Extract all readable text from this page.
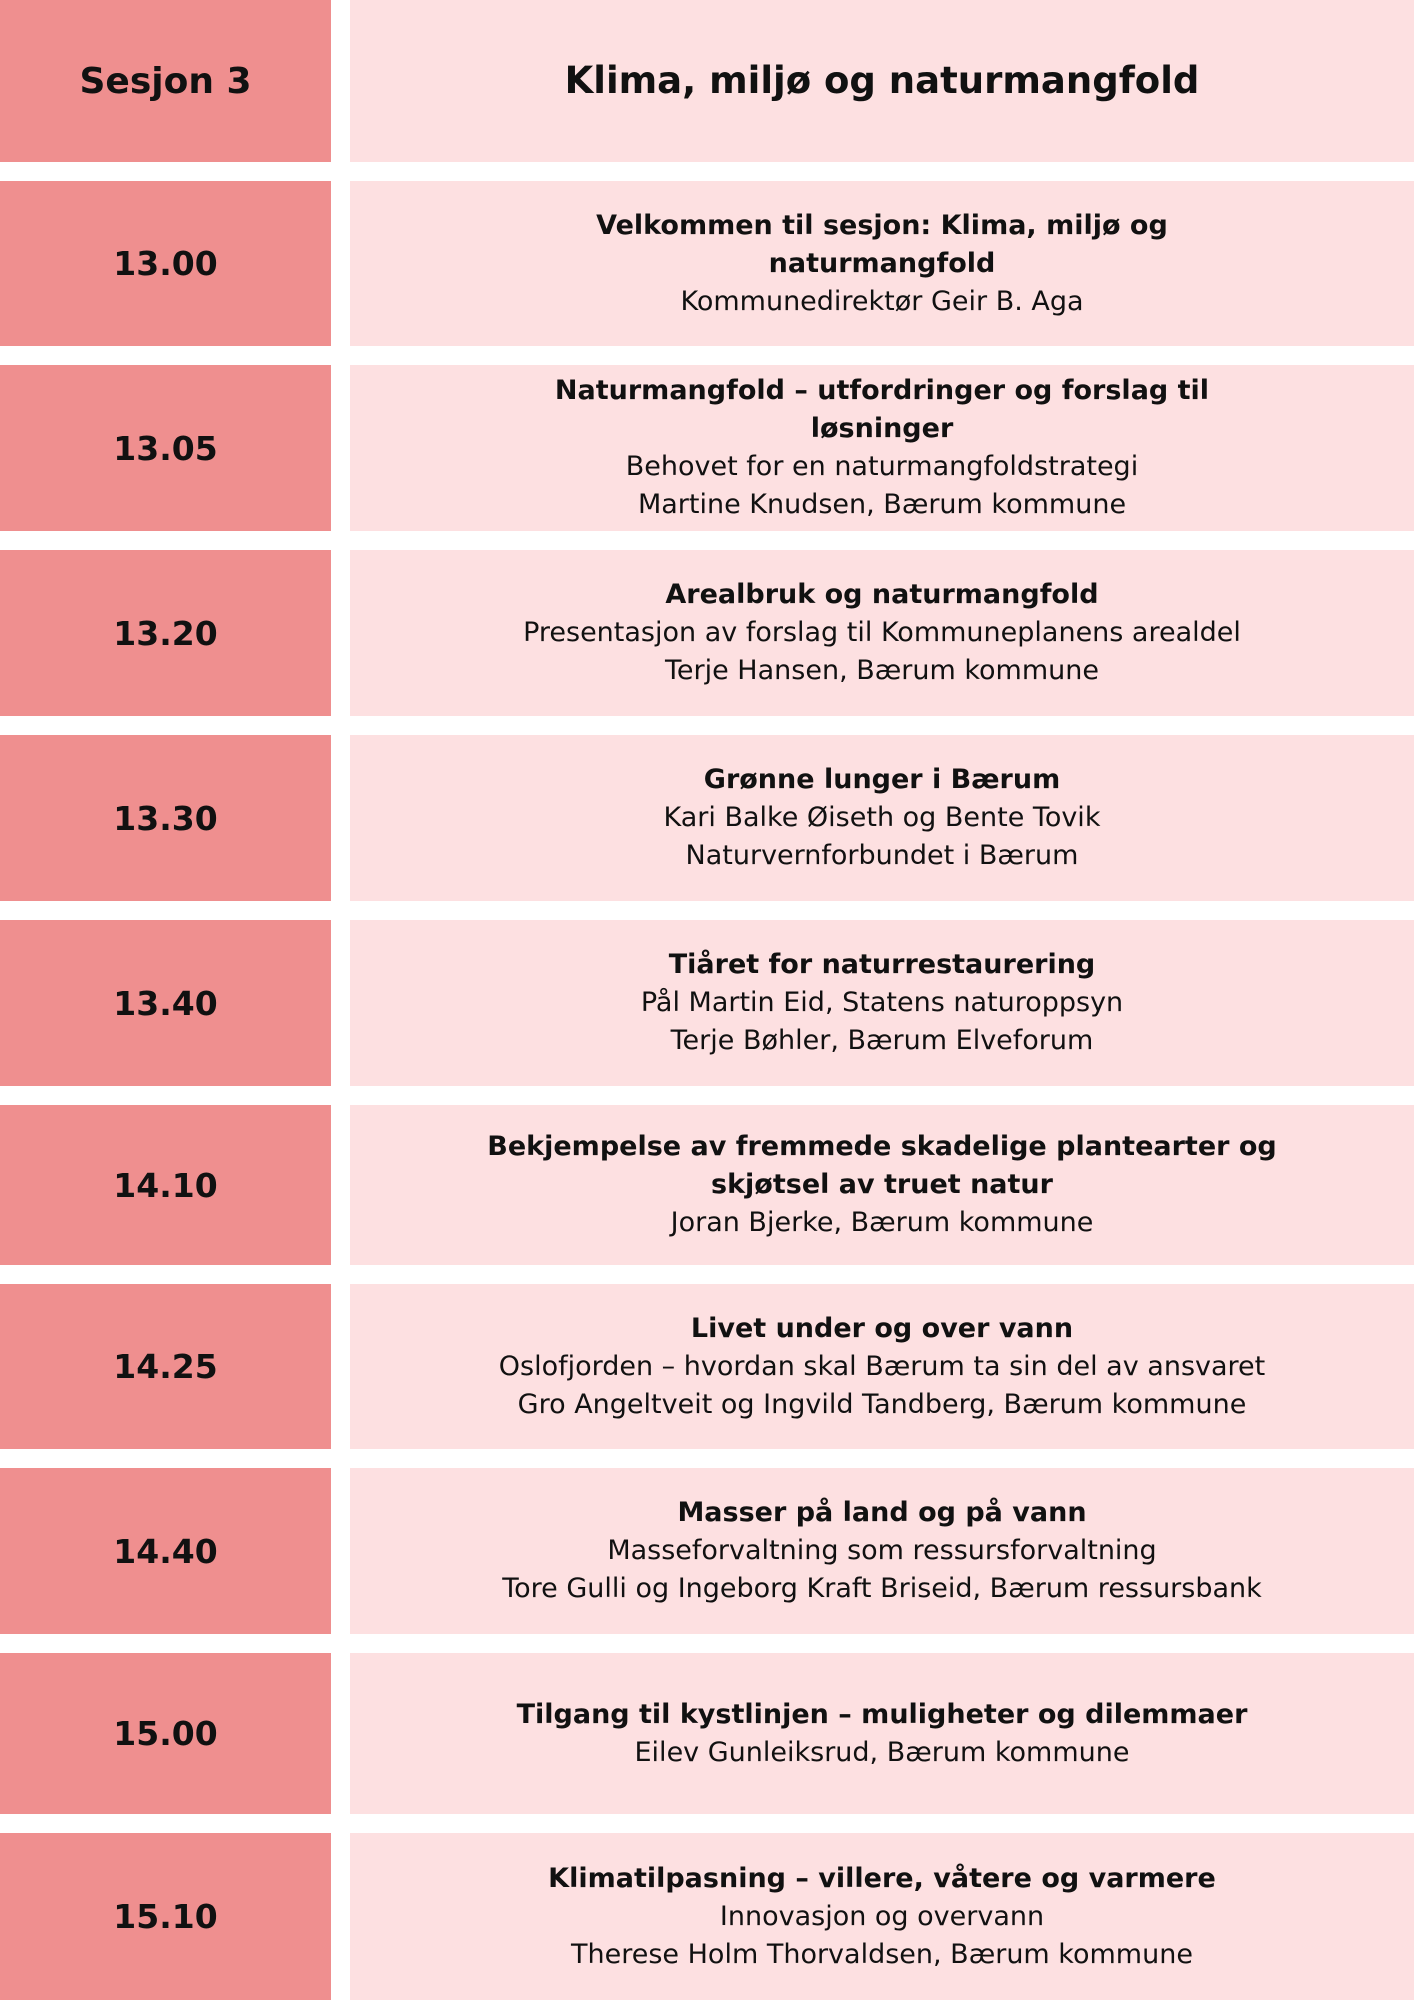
Sesjon 3	Klima, miljø og naturmangfold
13.00
Velkommen til sesjon: Klima, miljø og naturmangfold
Kommunedirektør Geir B. Aga
13.05
Naturmangfold – utfordringer og forslag til løsninger
Behovet for en naturmangfoldstrategi
Martine Knudsen, Bærum kommune
13.20
Arealbruk og naturmangfold
Presentasjon av forslag til Kommuneplanens arealdel
Terje Hansen, Bærum kommune
13.30
Grønne lunger i Bærum
Kari Balke Øiseth og Bente Tovik
Naturvernforbundet i Bærum
13.40
Tiåret for naturrestaurering
Pål Martin Eid, Statens naturoppsyn
Terje Bøhler, Bærum Elveforum
14.10
Bekjempelse av fremmede skadelige plantearter og skjøtsel av truet natur
Joran Bjerke, Bærum kommune
14.25
Livet under og over vann
Oslofjorden – hvordan skal Bærum ta sin del av ansvaret
Gro Angeltveit og Ingvild Tandberg, Bærum kommune
14.40
Masser på land og på vann
Masseforvaltning som ressursforvaltning
Tore Gulli og Ingeborg Kraft Briseid, Bærum ressursbank
15.00	Tilgang til kystlinjen – muligheter og dilemmaer
Eilev Gunleiksrud, Bærum kommune
15.10
Klimatilpasning – villere, våtere og varmere
Innovasjon og overvann
Therese Holm Thorvaldsen, Bærum kommune
